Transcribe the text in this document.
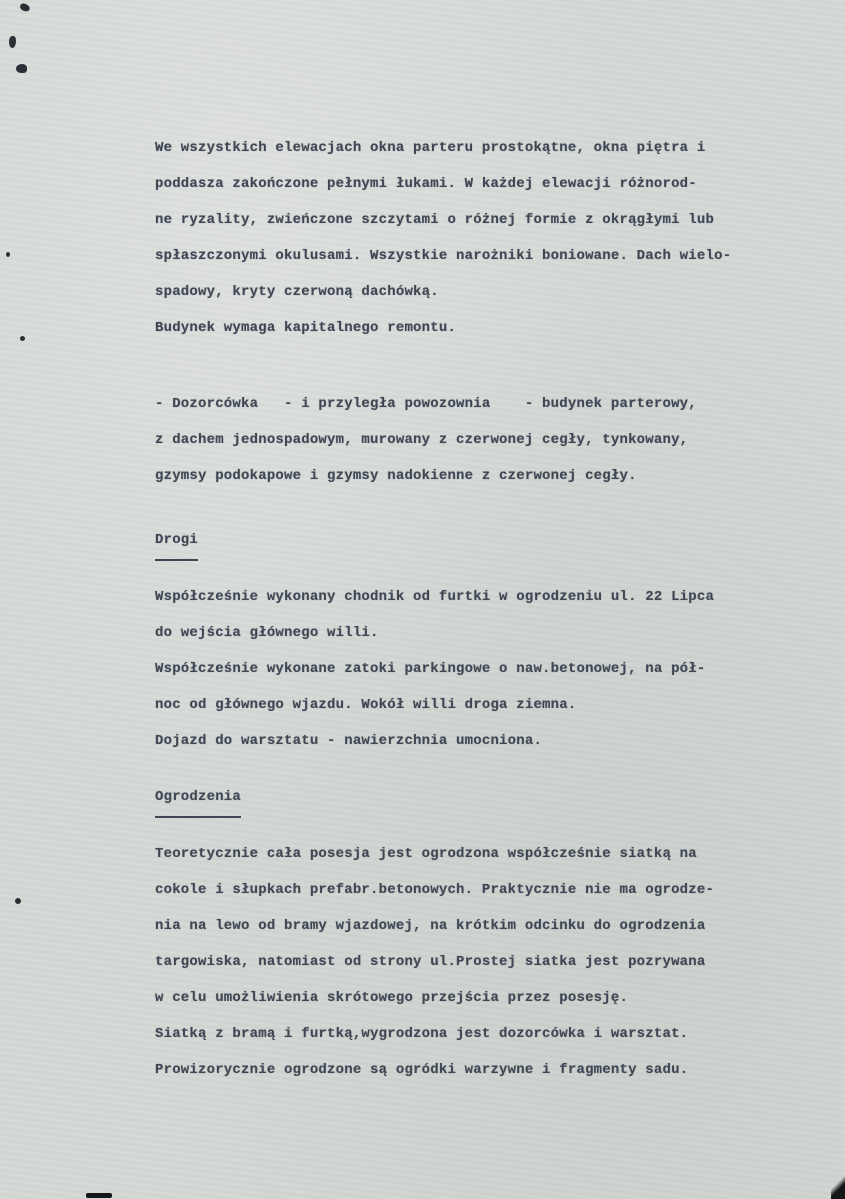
We wszystkich elewacjach okna parteru prostokątne, okna piętra i
poddasza zakończone pełnymi łukami. W każdej elewacji różnorod-
ne ryzality, zwieńczone szczytami o różnej formie z okrągłymi lub
spłaszczonymi okulusami. Wszystkie narożniki boniowane. Dach wielo-
spadowy, kryty czerwoną dachówką.
Budynek wymaga kapitalnego remontu.
- Dozorcówka   - i przyległa powozownia    - budynek parterowy,
z dachem jednospadowym, murowany z czerwonej cegły, tynkowany,
gzymsy podokapowe i gzymsy nadokienne z czerwonej cegły.
Drogi
Współcześnie wykonany chodnik od furtki w ogrodzeniu ul. 22 Lipca
do wejścia głównego willi.
Współcześnie wykonane zatoki parkingowe o naw.betonowej, na pół-
noc od głównego wjazdu. Wokół willi droga ziemna.
Dojazd do warsztatu - nawierzchnia umocniona.
Ogrodzenia
Teoretycznie cała posesja jest ogrodzona współcześnie siatką na
cokole i słupkach prefabr.betonowych. Praktycznie nie ma ogrodze-
nia na lewo od bramy wjazdowej, na krótkim odcinku do ogrodzenia
targowiska, natomiast od strony ul.Prostej siatka jest pozrywana
w celu umożliwienia skrótowego przejścia przez posesję.
Siatką z bramą i furtką,wygrodzona jest dozorcówka i warsztat.
Prowizorycznie ogrodzone są ogródki warzywne i fragmenty sadu.
